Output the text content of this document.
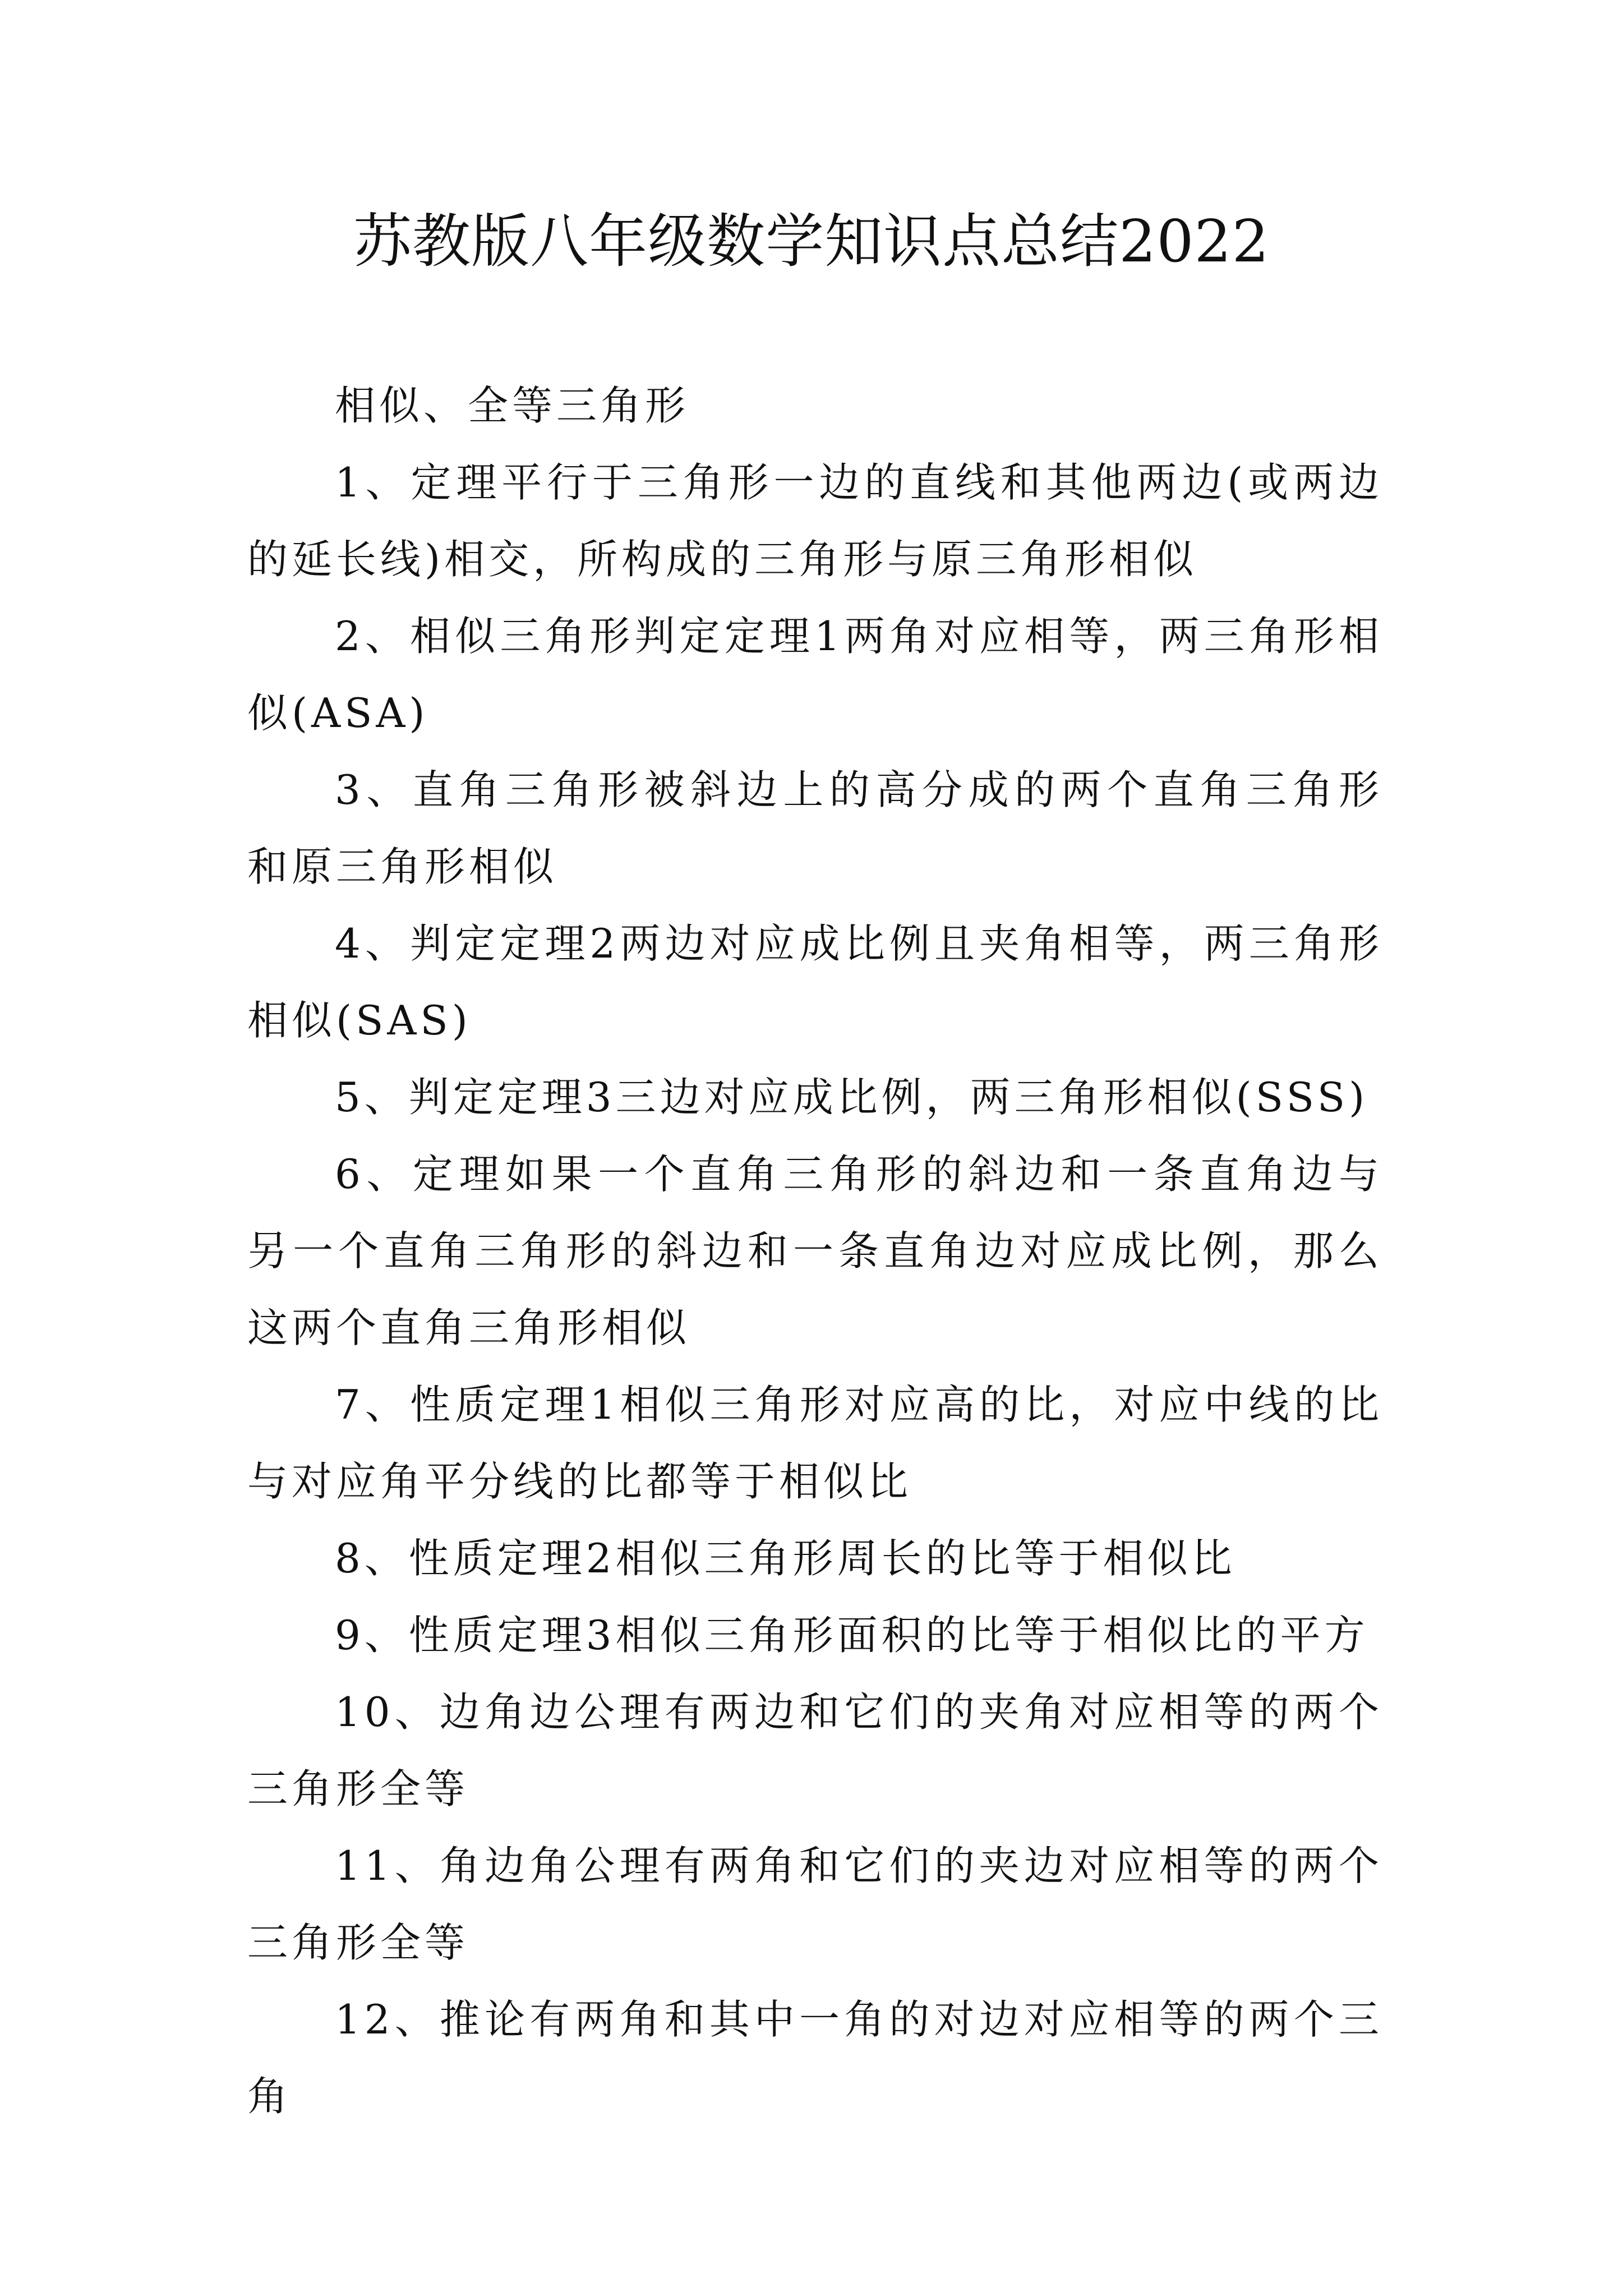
苏教版八年级数学知识点总结2022

相似、全等三角形

1、定理平行于三角形一边的直线和其他两边(或两边的延长线)相交，所构成的三角形与原三角形相似

2、相似三角形判定定理1两角对应相等，两三角形相似(ASA)

3、直角三角形被斜边上的高分成的两个直角三角形和原三角形相似

4、判定定理2两边对应成比例且夹角相等，两三角形相似(SAS)

5、判定定理3三边对应成比例，两三角形相似(SSS)

6、定理如果一个直角三角形的斜边和一条直角边与另一个直角三角形的斜边和一条直角边对应成比例，那么这两个直角三角形相似

7、性质定理1相似三角形对应高的比，对应中线的比与对应角平分线的比都等于相似比

8、性质定理2相似三角形周长的比等于相似比

9、性质定理3相似三角形面积的比等于相似比的平方

10、边角边公理有两边和它们的夹角对应相等的两个三角形全等

11、角边角公理有两角和它们的夹边对应相等的两个三角形全等

12、推论有两角和其中一角的对边对应相等的两个三角
